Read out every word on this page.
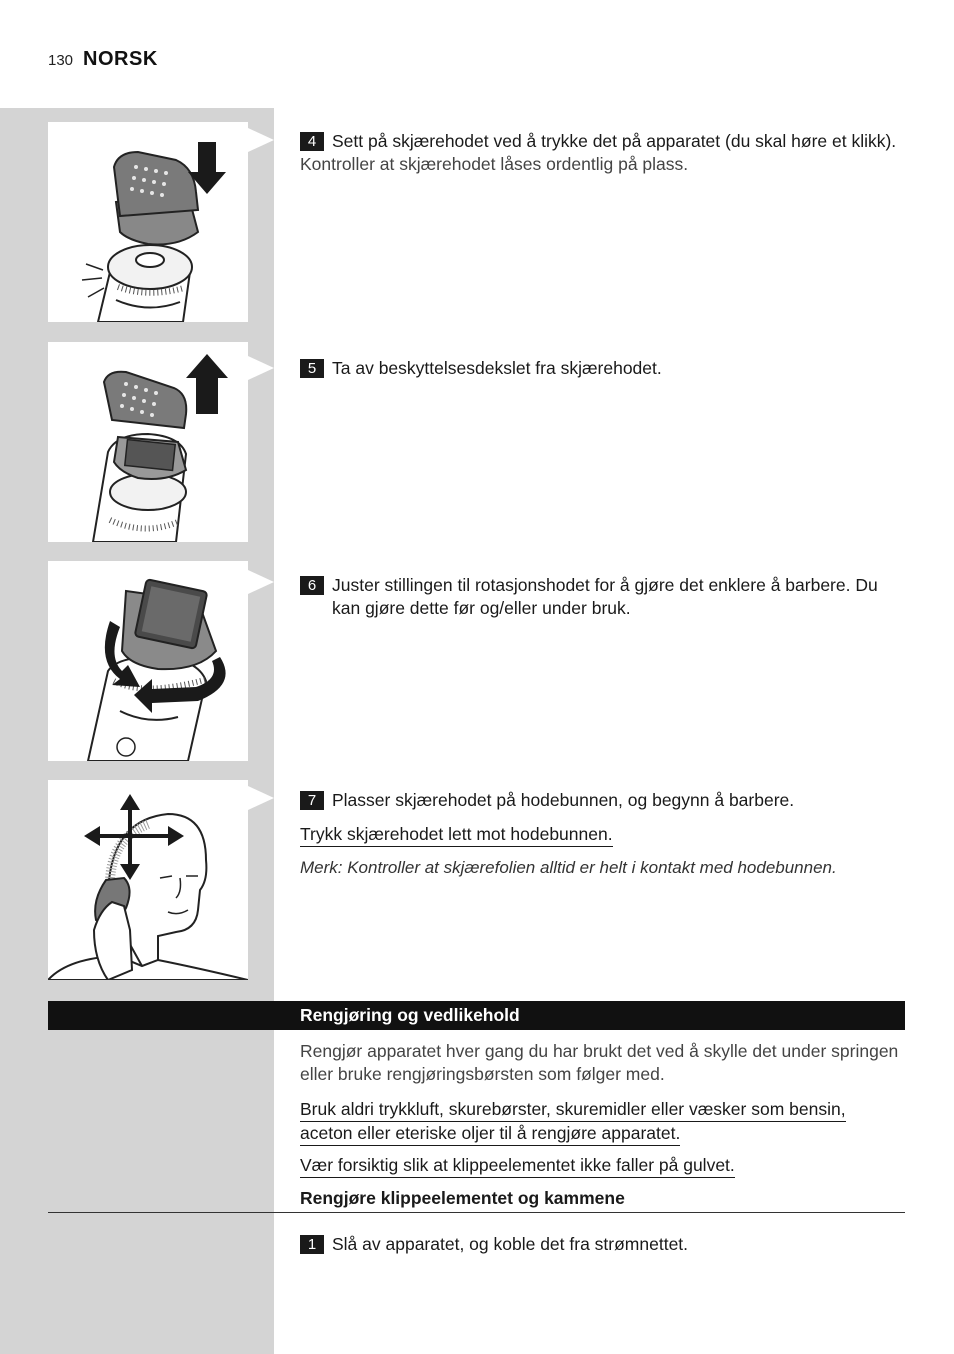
130 NORSK
4 Sett på skjærehodet ved å trykke det på apparatet (du skal høre et klikk).
Kontroller at skjærehodet låses ordentlig på plass.
5 Ta av beskyttelsesdekslet fra skjærehodet.
6 Juster stillingen til rotasjonshodet for å gjøre det enklere å barbere. Du kan gjøre dette før og/eller under bruk.
7 Plasser skjærehodet på hodebunnen, og begynn å barbere.
Trykk skjærehodet lett mot hodebunnen.
Merk: Kontroller at skjærefolien alltid er helt i kontakt med hodebunnen.
Rengjøring og vedlikehold
Rengjør apparatet hver gang du har brukt det ved å skylle det under springen eller bruke rengjøringsbørsten som følger med.
Bruk aldri trykkluft, skurebørster, skuremidler eller væsker som bensin, aceton eller eteriske oljer til å rengjøre apparatet.
Vær forsiktig slik at klippeelementet ikke faller på gulvet.
Rengjøre klippeelementet og kammene
1 Slå av apparatet, og koble det fra strømnettet.
